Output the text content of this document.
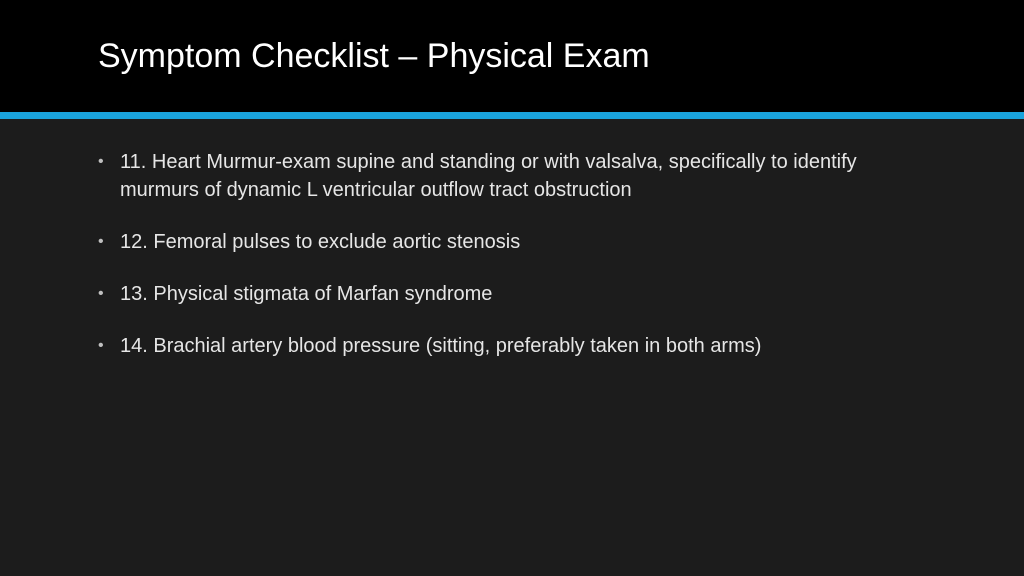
Symptom Checklist – Physical Exam
• 11. Heart Murmur-exam supine and standing or with valsalva, specifically to identify murmurs of dynamic L ventricular outflow tract obstruction
• 12. Femoral pulses to exclude aortic stenosis
• 13. Physical stigmata of Marfan syndrome
• 14. Brachial artery blood pressure (sitting, preferably taken in both arms)
